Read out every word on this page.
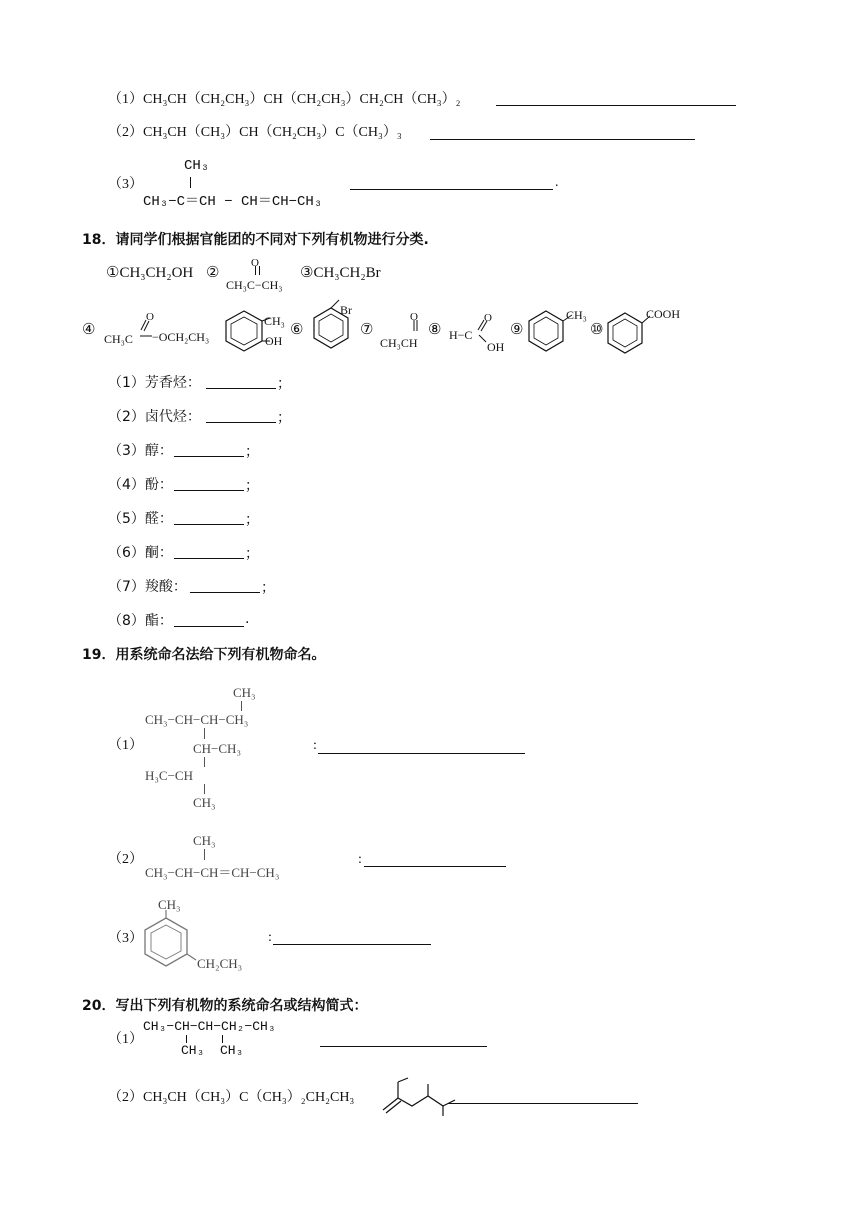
（1）CH₃CH（CH₂CH₃）CH（CH₂CH₃）CH₂CH（CH₃）₂
（2）CH₃CH（CH₃）CH（CH₂CH₃）C（CH₃）₃
（3）
CH₃
CH₃−C＝CH − CH＝CH−CH₃
.
18．请同学们根据官能团的不同对下列有机物进行分类.
①CH₃CH₂OH ②
O
CH₃C−CH₃
③CH₃CH₂Br
④
O
CH₃C −OCH₂CH₃
CH₃
OH
⑥
Br
⑦
O
CH₃CH
⑧
O
H−C
OH
⑨
CH₃
⑩
COOH
（1）芳香烃：	；
（2）卤代烃：	；
（3）醇：	；
（4）酚：	；
（5）醛：	；
（6）酮：	；
（7）羧酸：	；
（8）酯：	.
19．用系统命名法给下列有机物命名。
（1）
CH₃
CH₃−CH−CH−CH₃
CH−CH₃
H₃C−CH
CH₃
:
（2）
CH₃
CH₃−CH−CH＝CH−CH₃
:
（3）
CH₃
CH₂CH₃
:
20．写出下列有机物的系统命名或结构简式：
（1）
CH₃−CH−CH−CH₂−CH₃
CH₃  CH₃
（2）CH₃CH（CH₃）C（CH₃）₂CH₂CH₃
